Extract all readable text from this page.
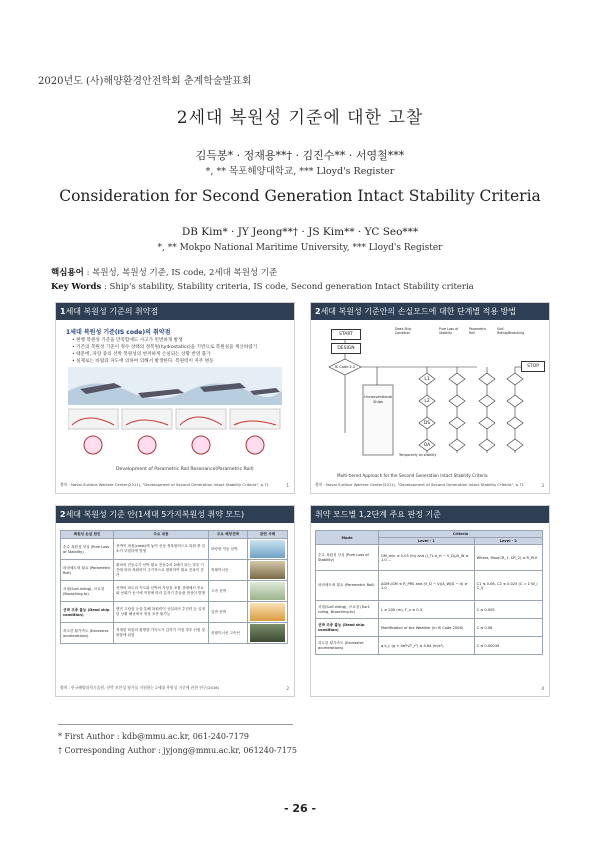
2020년도 (사)해양환경안전학회 춘계학술발표회
2세대 복원성 기준에 대한 고찰
김득봉* · 정재용**† · 김진수** · 서영철***
*, ** 목포해양대학교, *** Lloyd's Register
Consideration for Second Generation Intact Stability Criteria
DB Kim* · JY Jeong**† · JS Kim** · YC Seo***
*, ** Mokpo National Maritime University, *** Lloyd's Register
핵심용어 : 복원성, 복원성 기준, IS code, 2세대 복원성 기준
Key Words : Ship's stability, Stability criteria, IS code, Second generation Intact Stability criteria
1세대 복원성 기준의 취약점
1세대 복원성 기준(IS code)의 취약점
• 현행 복원성 기준을 만족함에도 사고가 빈번하게 발생
• 기존의 복원성 기준이 정수 상태의 정복원(hydrostatics)을 기반으로 복원성을 계산하였기
• 때문에, 파랑 중의 선박 복원성의 현저하게 손실되는 상황 반영 불가
• 실제로는 바람과 파도에 의하여 의해서 발생한다. 복원력이 자주 변동
Development of Parametric Roll Resonance(Parametric Roll)
출처 : Naval Surface Warfare Center(2011), "Development of Second Generation Intact Stability Criteria", p.71	1
2세대 복원성 기준안의 손실모드에 대한 단계별 적용 방법
START
DESIGN
IS Code 2.2	STOP
L1
L2
DS
OA
Unconventional Ships
Dead Ship Condition
Pure Loss of Stability
Parametric Roll
Surf-Riding/Broaching
Temporarily on stability
Multi-tiered Approach for the Second Generation Intact Stability Criteria
출처 : Naval Surface Warfare Center(2011), "Development of Second Generation Intact Stability Criteria", p.71	3
2세대 복원성 기준 안(1세대 5가지복원성 취약 모드)
복원성 손실 원인	주요 내용	주요 해당선박	관련 사례
순수 복원성 상실 (Pure Loss of Stability)	선박이 파정(crest)에 놓여 선상 정복원력으로 복원 중 감소가 뚜렷하게 발생	파랑중 자동 선박	

파라메트릭 횡요 (Parametric Roll)	횡파의 진동수가 선박 횡요 진동수의 2배가 되는 경우 기간에 따라 복원력이 주기적으로 변화하여 횡요 진폭이 증가	컨테이너선	

서핑(Surf-riding), 브로칭 (Broaching-to)	선박의 파도의 속도와 선박의 자항을 조합 상태에서 종요와 선회가 동시에 커짐에 따라 갑자기 흔들림 현상이 발생	고속 선박	

선박 조종 불능 (Dead ship condition)	엔진 고장을 등을 통해 복원력이 상실되어 추진력 등 일정한 상황 해상에서 정상 조종 불가능	일반 선박	

과도한 횡가속도 (Excessive accelerations)	적재된 화물의 횡방향 가속도가 갑자기 커짐 경우 선원 및 화물에 위험	컨테이너선 고속선	
출처 : 한국해양과학기술원, 선박 보안성 평가를 지원하는 2세대 복원성 기준에 관한 연구(2016)	2
취약 모드별 1,2단계 주요 판정 기준
Mode	Criteria	
	Level - 1	Level - 2
순수 복원성 상실 (Pure Loss of Stability)	GM_min ≥ 0.05 (m) and (I_TL·d_H − V_D)/A_W ≥ 1.0 ...	Where, Max(CR_1, CR_2) ≤ R_PL0
파라메트릭 횡요 (Parametric Roll)	ΔGM₁/GM ≤ R_PR0 and (V_D − V)/A_W(D − d) ≥ 1.0	C1 ≤ 0.06, C2 ≤ 0.025 (C = Σ W_i C_i)
서핑(Surf-riding), 브로칭 (Surf-riding, Broaching-to)	L ≥ 200 (m), F_n ≤ 0.3	C ≤ 0.005
선박 조종 불능 (Dead ship condition)	Modification of the Weather (in IS Code 2008)	C ≤ 0.06
과도한 횡가속도 (Excessive accelerations)	φ k_L (g + 4π²h/T_r²) ≤ 4.64 (m/s²)	C ≤ 0.00039
4
* First Author : kdb@mmu.ac.kr, 061-240-7179
† Corresponding Author : jyjong@mmu.ac.kr, 061240-7175
- 26 -
